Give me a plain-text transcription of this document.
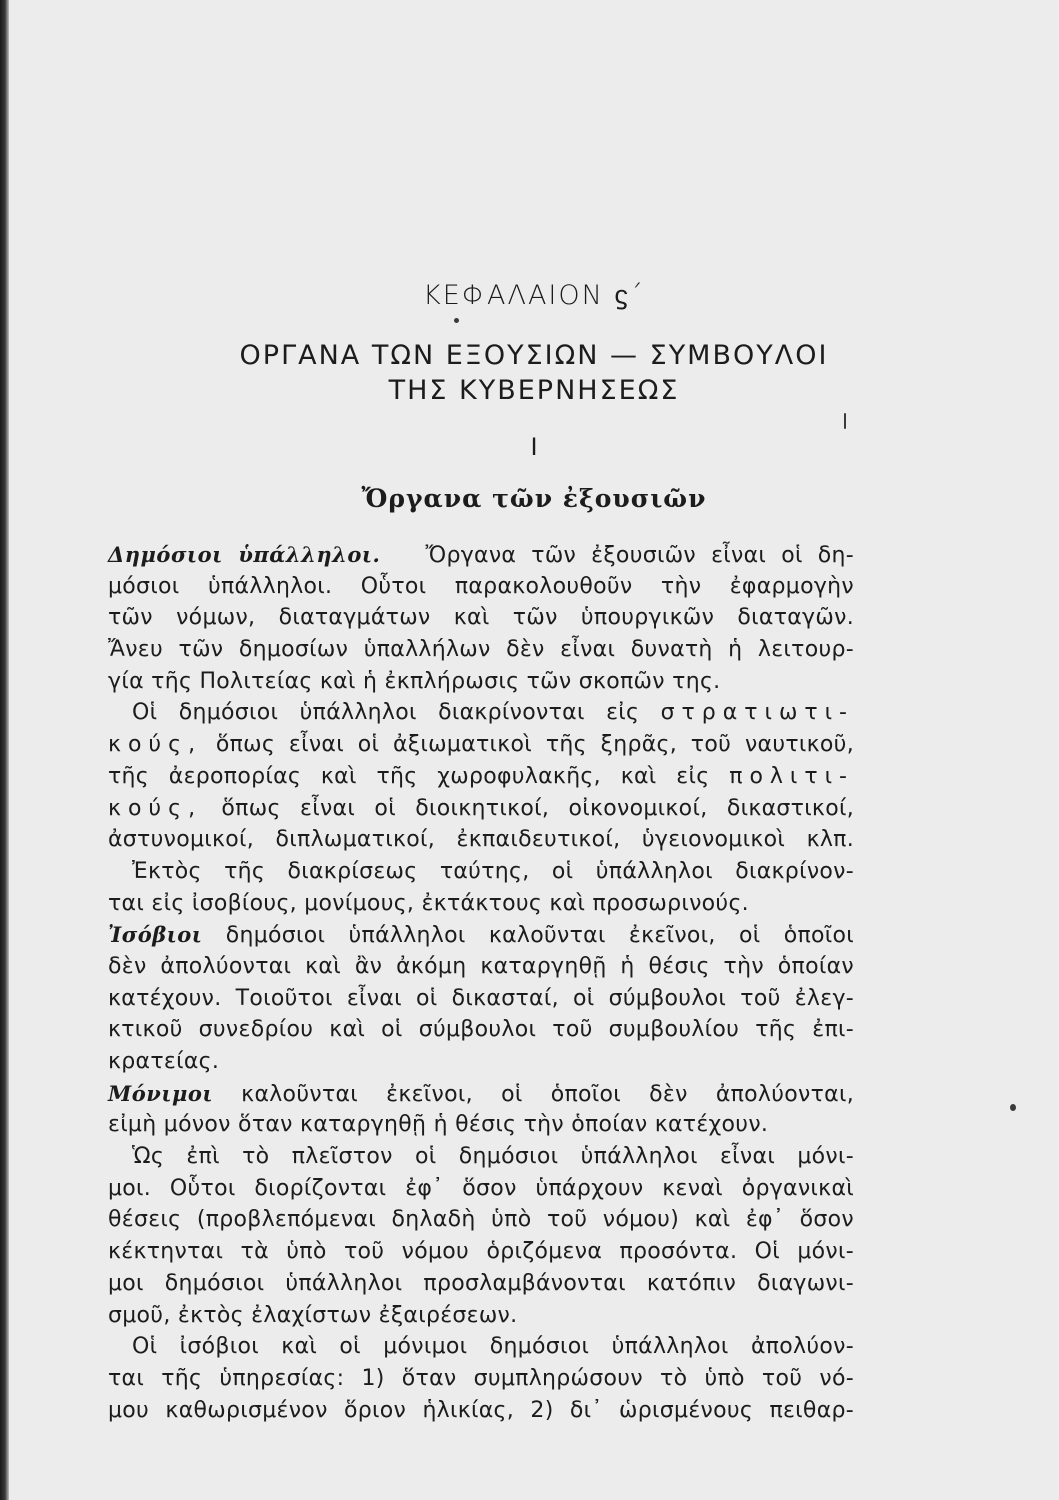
ΚΕΦΑΛΑΙΟΝ ϛ´
ΟΡΓΑΝΑ ΤΩΝ ΕΞΟΥΣΙΩΝ — ΣΥΜΒΟΥΛΟΙ
ΤΗΣ ΚΥΒΕΡΝΗΣΕΩΣ
I
Ὄργανα τῶν ἐξουσιῶν
Δημόσιοι ὑπάλληλοι. Ὄργανα τῶν ἐξουσιῶν εἶναι οἱ δη-
μόσιοι ὑπάλληλοι. Οὗτοι παρακολουθοῦν τὴν ἐφαρμογὴν
τῶν νόμων, διαταγμάτων καὶ τῶν ὑπουργικῶν διαταγῶν.
Ἄνευ τῶν δημοσίων ὑπαλλήλων δὲν εἶναι δυνατὴ ἡ λειτουρ-
γία τῆς Πολιτείας καὶ ἡ ἐκπλήρωσις τῶν σκοπῶν της.
Οἱ δημόσιοι ὑπάλληλοι διακρίνονται εἰς στρατιωτι-
κούς, ὅπως εἶναι οἱ ἀξιωματικοὶ τῆς ξηρᾶς, τοῦ ναυτικοῦ,
τῆς ἀεροπορίας καὶ τῆς χωροφυλακῆς, καὶ εἰς πολιτι-
κούς, ὅπως εἶναι οἱ διοικητικοί, οἰκονομικοί, δικαστικοί,
ἀστυνομικοί, διπλωματικοί, ἐκπαιδευτικοί, ὑγειονομικοὶ κλπ.
Ἐκτὸς τῆς διακρίσεως ταύτης, οἱ ὑπάλληλοι διακρίνον-
ται εἰς ἰσοβίους, μονίμους, ἐκτάκτους καὶ προσωρινούς.
Ἰσόβιοι δημόσιοι ὑπάλληλοι καλοῦνται ἐκεῖνοι, οἱ ὁποῖοι
δὲν ἀπολύονται καὶ ἂν ἀκόμη καταργηθῇ ἡ θέσις τὴν ὁποίαν
κατέχουν. Τοιοῦτοι εἶναι οἱ δικασταί, οἱ σύμβουλοι τοῦ ἐλεγ-
κτικοῦ συνεδρίου καὶ οἱ σύμβουλοι τοῦ συμβουλίου τῆς ἐπι-
κρατείας.
Μόνιμοι καλοῦνται ἐκεῖνοι, οἱ ὁποῖοι δὲν ἀπολύονται,
εἰμὴ μόνον ὅταν καταργηθῇ ἡ θέσις τὴν ὁποίαν κατέχουν.
Ὡς ἐπὶ τὸ πλεῖστον οἱ δημόσιοι ὑπάλληλοι εἶναι μόνι-
μοι. Οὗτοι διορίζονται ἐφ᾽ ὅσον ὑπάρχουν κεναὶ ὀργανικαὶ
θέσεις (προβλεπόμεναι δηλαδὴ ὑπὸ τοῦ νόμου) καὶ ἐφ᾽ ὅσον
κέκτηνται τὰ ὑπὸ τοῦ νόμου ὁριζόμενα προσόντα. Οἱ μόνι-
μοι δημόσιοι ὑπάλληλοι προσλαμβάνονται κατόπιν διαγωνι-
σμοῦ, ἐκτὸς ἐλαχίστων ἐξαιρέσεων.
Οἱ ἰσόβιοι καὶ οἱ μόνιμοι δημόσιοι ὑπάλληλοι ἀπολύον-
ται τῆς ὑπηρεσίας: 1) ὅταν συμπληρώσουν τὸ ὑπὸ τοῦ νό-
μου καθωρισμένον ὅριον ἡλικίας, 2) δι᾽ ὡρισμένους πειθαρ-
